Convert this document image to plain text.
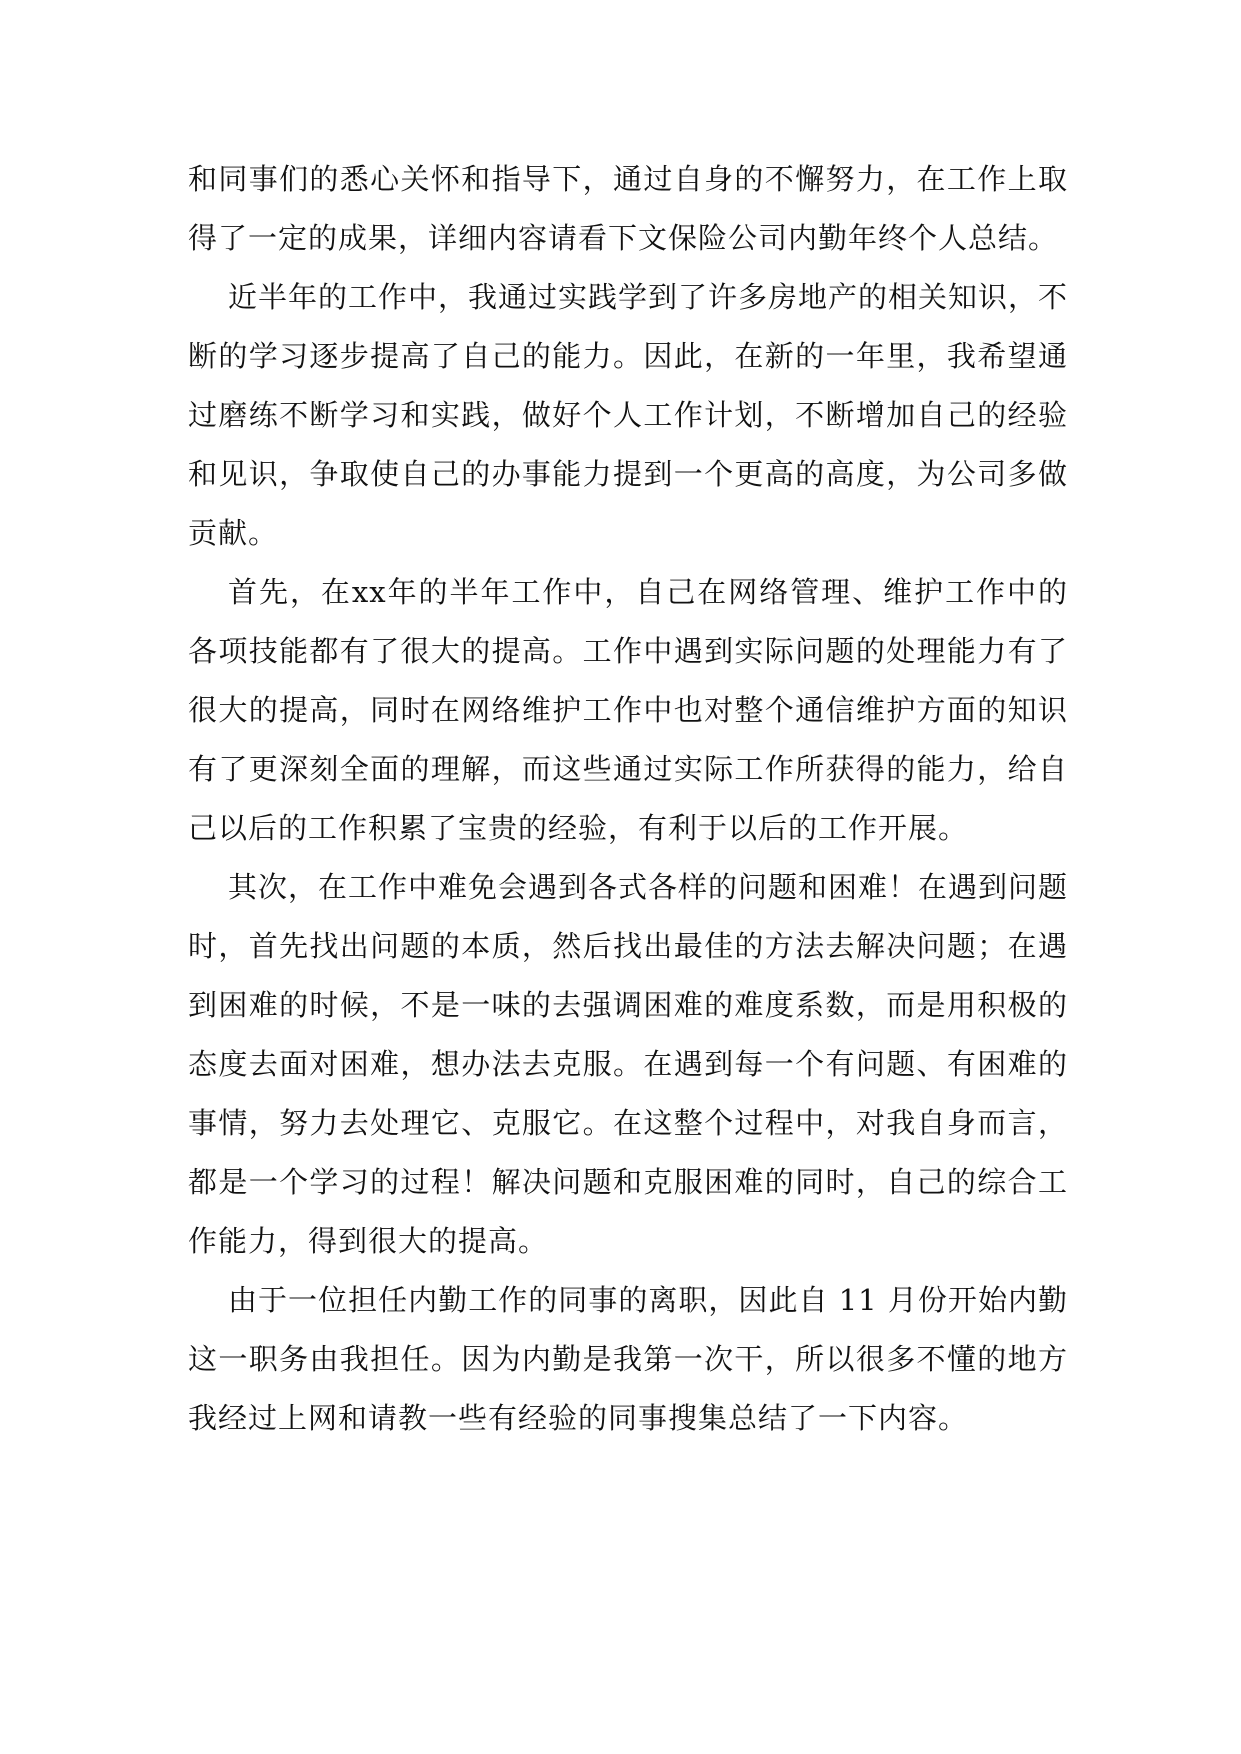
和同事们的悉心关怀和指导下，通过自身的不懈努力，在工作上取得了一定的成果，详细内容请看下文保险公司内勤年终个人总结。

近半年的工作中，我通过实践学到了许多房地产的相关知识，不断的学习逐步提高了自己的能力。因此，在新的一年里，我希望通过磨练不断学习和实践，做好个人工作计划，不断增加自己的经验和见识，争取使自己的办事能力提到一个更高的高度，为公司多做贡献。

首先，在xx年的半年工作中，自己在网络管理、维护工作中的各项技能都有了很大的提高。工作中遇到实际问题的处理能力有了很大的提高，同时在网络维护工作中也对整个通信维护方面的知识有了更深刻全面的理解，而这些通过实际工作所获得的能力，给自己以后的工作积累了宝贵的经验，有利于以后的工作开展。

其次，在工作中难免会遇到各式各样的问题和困难！在遇到问题时，首先找出问题的本质，然后找出最佳的方法去解决问题；在遇到困难的时候，不是一味的去强调困难的难度系数，而是用积极的态度去面对困难，想办法去克服。在遇到每一个有问题、有困难的事情，努力去处理它、克服它。在这整个过程中，对我自身而言，都是一个学习的过程！解决问题和克服困难的同时，自己的综合工作能力，得到很大的提高。

由于一位担任内勤工作的同事的离职，因此自 11 月份开始内勤这一职务由我担任。因为内勤是我第一次干，所以很多不懂的地方我经过上网和请教一些有经验的同事搜集总结了一下内容。
